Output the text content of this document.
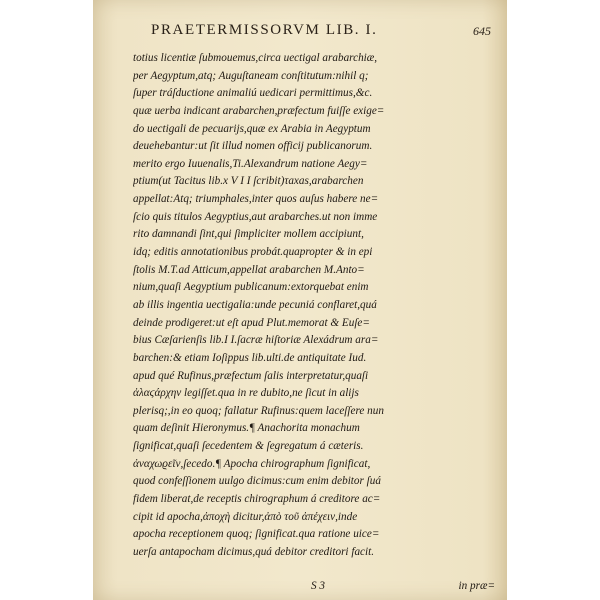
PRAETERMISSORVM LIB. I.	645
totius licentiæ ſubmouemus,circa uectigal arabarchiæ,
per Aegyptum,atq; Auguſtaneam conſtitutum:nihil q;
ſuper tráſductione animaliú uedicari permittimus,&c.
quæ uerba indicant arabarchen,præfectum fuiſſe exige=
do uectigali de pecuarijs,quæ ex Arabia in Aegyptum
deuehebantur:ut ſit illud nomen officij publicanorum.
merito ergo Iuuenalis,Ti.Alexandrum natione Aegy=
ptium(ut Tacitus lib.x V I I ſcribit)τaxas,arabarchen
appellat:Atq; triumphales,inter quos auſus habere ne=
ſcio quis titulos Aegyptius,aut arabarches.ut non imme
rito damnandi ſint,qui ſimpliciter mollem accipiunt,
idq; editis annotationibus probát.quapropter & in epi
ſtolis M.T.ad Atticum,appellat arabarchen M.Anto=
nium,quaſi Aegyptium publicanum:extorquebat enim
ab illis ingentia uectigalia:unde pecuniá conflaret,quá
deinde prodigeret:ut eſt apud Plut.memorat & Euſe=
bius Cæſarienſis lib.I I.ſacræ hiſtoriæ Alexádrum ara=
barchen:& etiam Ioſippus lib.ulti.de antiquitate Iud.
apud qué Rufinus,præfectum ſalis interpretatur,quaſi
ἁλαϛάρχην legiſſet.qua in re dubito,ne ſicut in alijs
plerisq;,in eo quoq; fallatur Rufinus:quem laceſſere nun
quam deſinit Hieronymus.¶ Anachorita monachum
ſignificat,quaſi ſecedentem & ſegregatum á cæteris.
ἀναχωϱεῖν,ſecedo.¶ Apocha chirographum ſignificat,
quod confeſſionem uulgo dicimus:cum enim debitor ſuá
fidem liberat,de receptis chirographum á creditore ac=
cipit id apocha,ἀποχὴ dicitur,ἀπὸ τοῦ ἀπέχειν,inde
apocha receptionem quoq; ſignificat.qua ratione uice=
uerſa antapocham dicimus,quá debitor creditori facit.
S 3	in præ=
